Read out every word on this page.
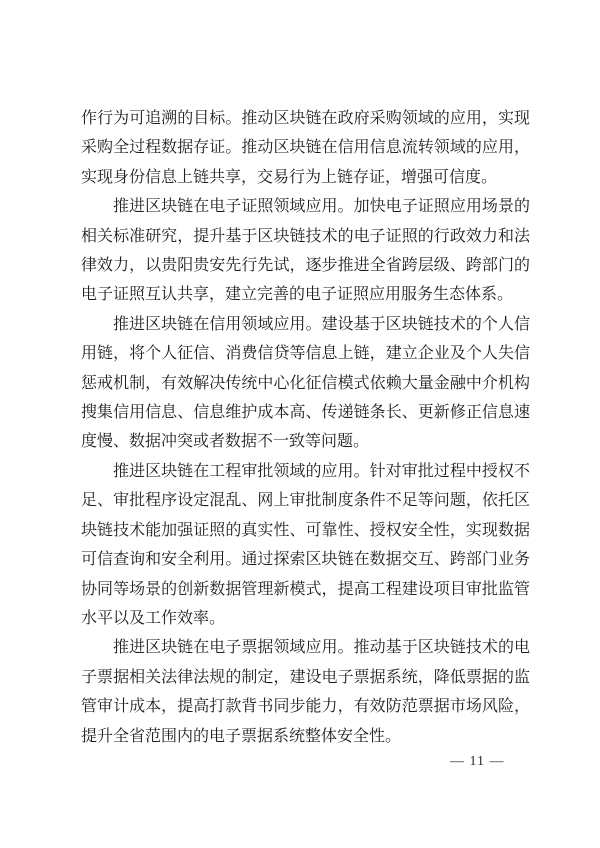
作行为可追溯的目标。推动区块链在政府采购领域的应用，实现采购全过程数据存证。推动区块链在信用信息流转领域的应用，实现身份信息上链共享，交易行为上链存证，增强可信度。

推进区块链在电子证照领域应用。加快电子证照应用场景的相关标准研究，提升基于区块链技术的电子证照的行政效力和法律效力，以贵阳贵安先行先试，逐步推进全省跨层级、跨部门的电子证照互认共享，建立完善的电子证照应用服务生态体系。

推进区块链在信用领域应用。建设基于区块链技术的个人信用链，将个人征信、消费信贷等信息上链，建立企业及个人失信惩戒机制，有效解决传统中心化征信模式依赖大量金融中介机构搜集信用信息、信息维护成本高、传递链条长、更新修正信息速度慢、数据冲突或者数据不一致等问题。

推进区块链在工程审批领域的应用。针对审批过程中授权不足、审批程序设定混乱、网上审批制度条件不足等问题，依托区块链技术能加强证照的真实性、可靠性、授权安全性，实现数据可信查询和安全利用。通过探索区块链在数据交互、跨部门业务协同等场景的创新数据管理新模式，提高工程建设项目审批监管水平以及工作效率。

推进区块链在电子票据领域应用。推动基于区块链技术的电子票据相关法律法规的制定，建设电子票据系统，降低票据的监管审计成本，提高打款背书同步能力，有效防范票据市场风险，提升全省范围内的电子票据系统整体安全性。

— 11 —
